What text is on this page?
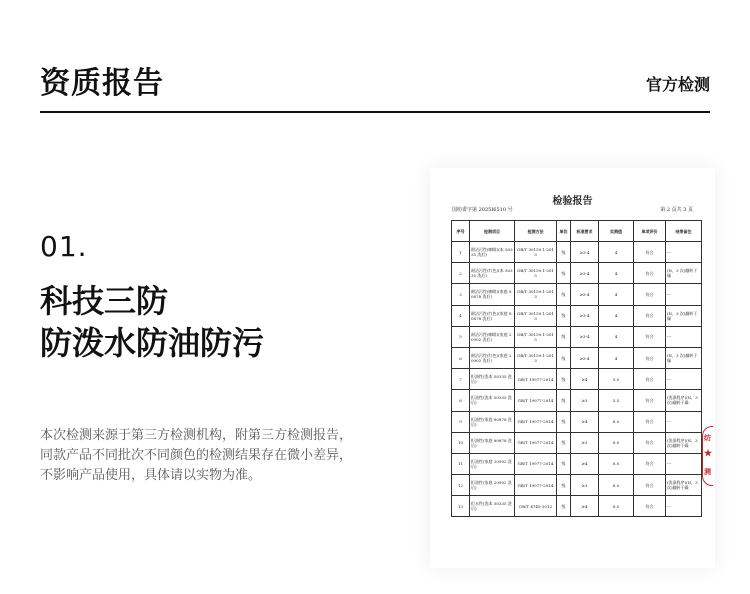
资质报告	官方检测
01.
科技三防
防泼水防油防污
本次检测来源于第三方检测机构，附第三方检测报告，
同款产品不同批次不同颜色的检测结果存在微小差异，
不影响产品使用，具体请以实物为准。
检验报告
国纺委字第 2025I6510 号	第 2 页共 3 页
序号	检测项目	检测方法	单位	标准要求	实测值	单项评价	结果备注
1	耐沾污性(咖啡)(本 50335 洗后)	GB/T 30159.1-2013	级	≥3-4	4	符合	---
2	耐沾污性(红色)(本 50335 洗后)	GB/T 30159.1-2013	级	≥3-4	4	符合	(N，3 次)翻转干燥
3	耐沾污性(咖啡)(家庭 80878 洗后)	GB/T 30159.1-2013	级	≥3-4	4	符合	---
4	耐沾污性(红色)(家庭 80878 洗后)	GB/T 30159.1-2013	级	≥3-4	4	符合	(N，3 次)翻转干燥
5	耐沾污性(咖啡)(家庭 20902 洗后)	GB/T 30159.1-2013	级	≥3-4	4	符合	---
6	耐沾污性(红色)(家庭 20902 洗后)	GB/T 30159.1-2013	级	≥3-4	4	符合	(N，3 次)翻转干燥
7	拒油性(洗本 50335 洗后)	GB/T 19977-2014	级	≥4	5.0	符合	---
8	拒油性(洗本 50335 洗后)	GB/T 19977-2014	级	≥3	5.5	符合	(洗涤程序)(N，3 次)翻转干燥
9	拒油性(家庭 80878 洗后)	GB/T 19977-2014	级	≥4	6.0	符合	---
10	拒油性(家庭 80878 洗后)	GB/T 19977-2014	级	≥3	6.0	符合	(洗涤程序)(N，3 次)翻转干燥
11	拒油性(家庭 20902 洗后)	GB/T 19977-2014	级	≥4	6.0	符合	---
12	拒油性(家庭 20902 洗后)	GB/T 19977-2014	级	≥3	6.0	符合	(洗涤程序)(N，3 次)翻转干燥
13	拒水性(洗本 50335 洗后)	GB/T 4745-2012	级	≥4	6.5	符合	---
纺
★
测
